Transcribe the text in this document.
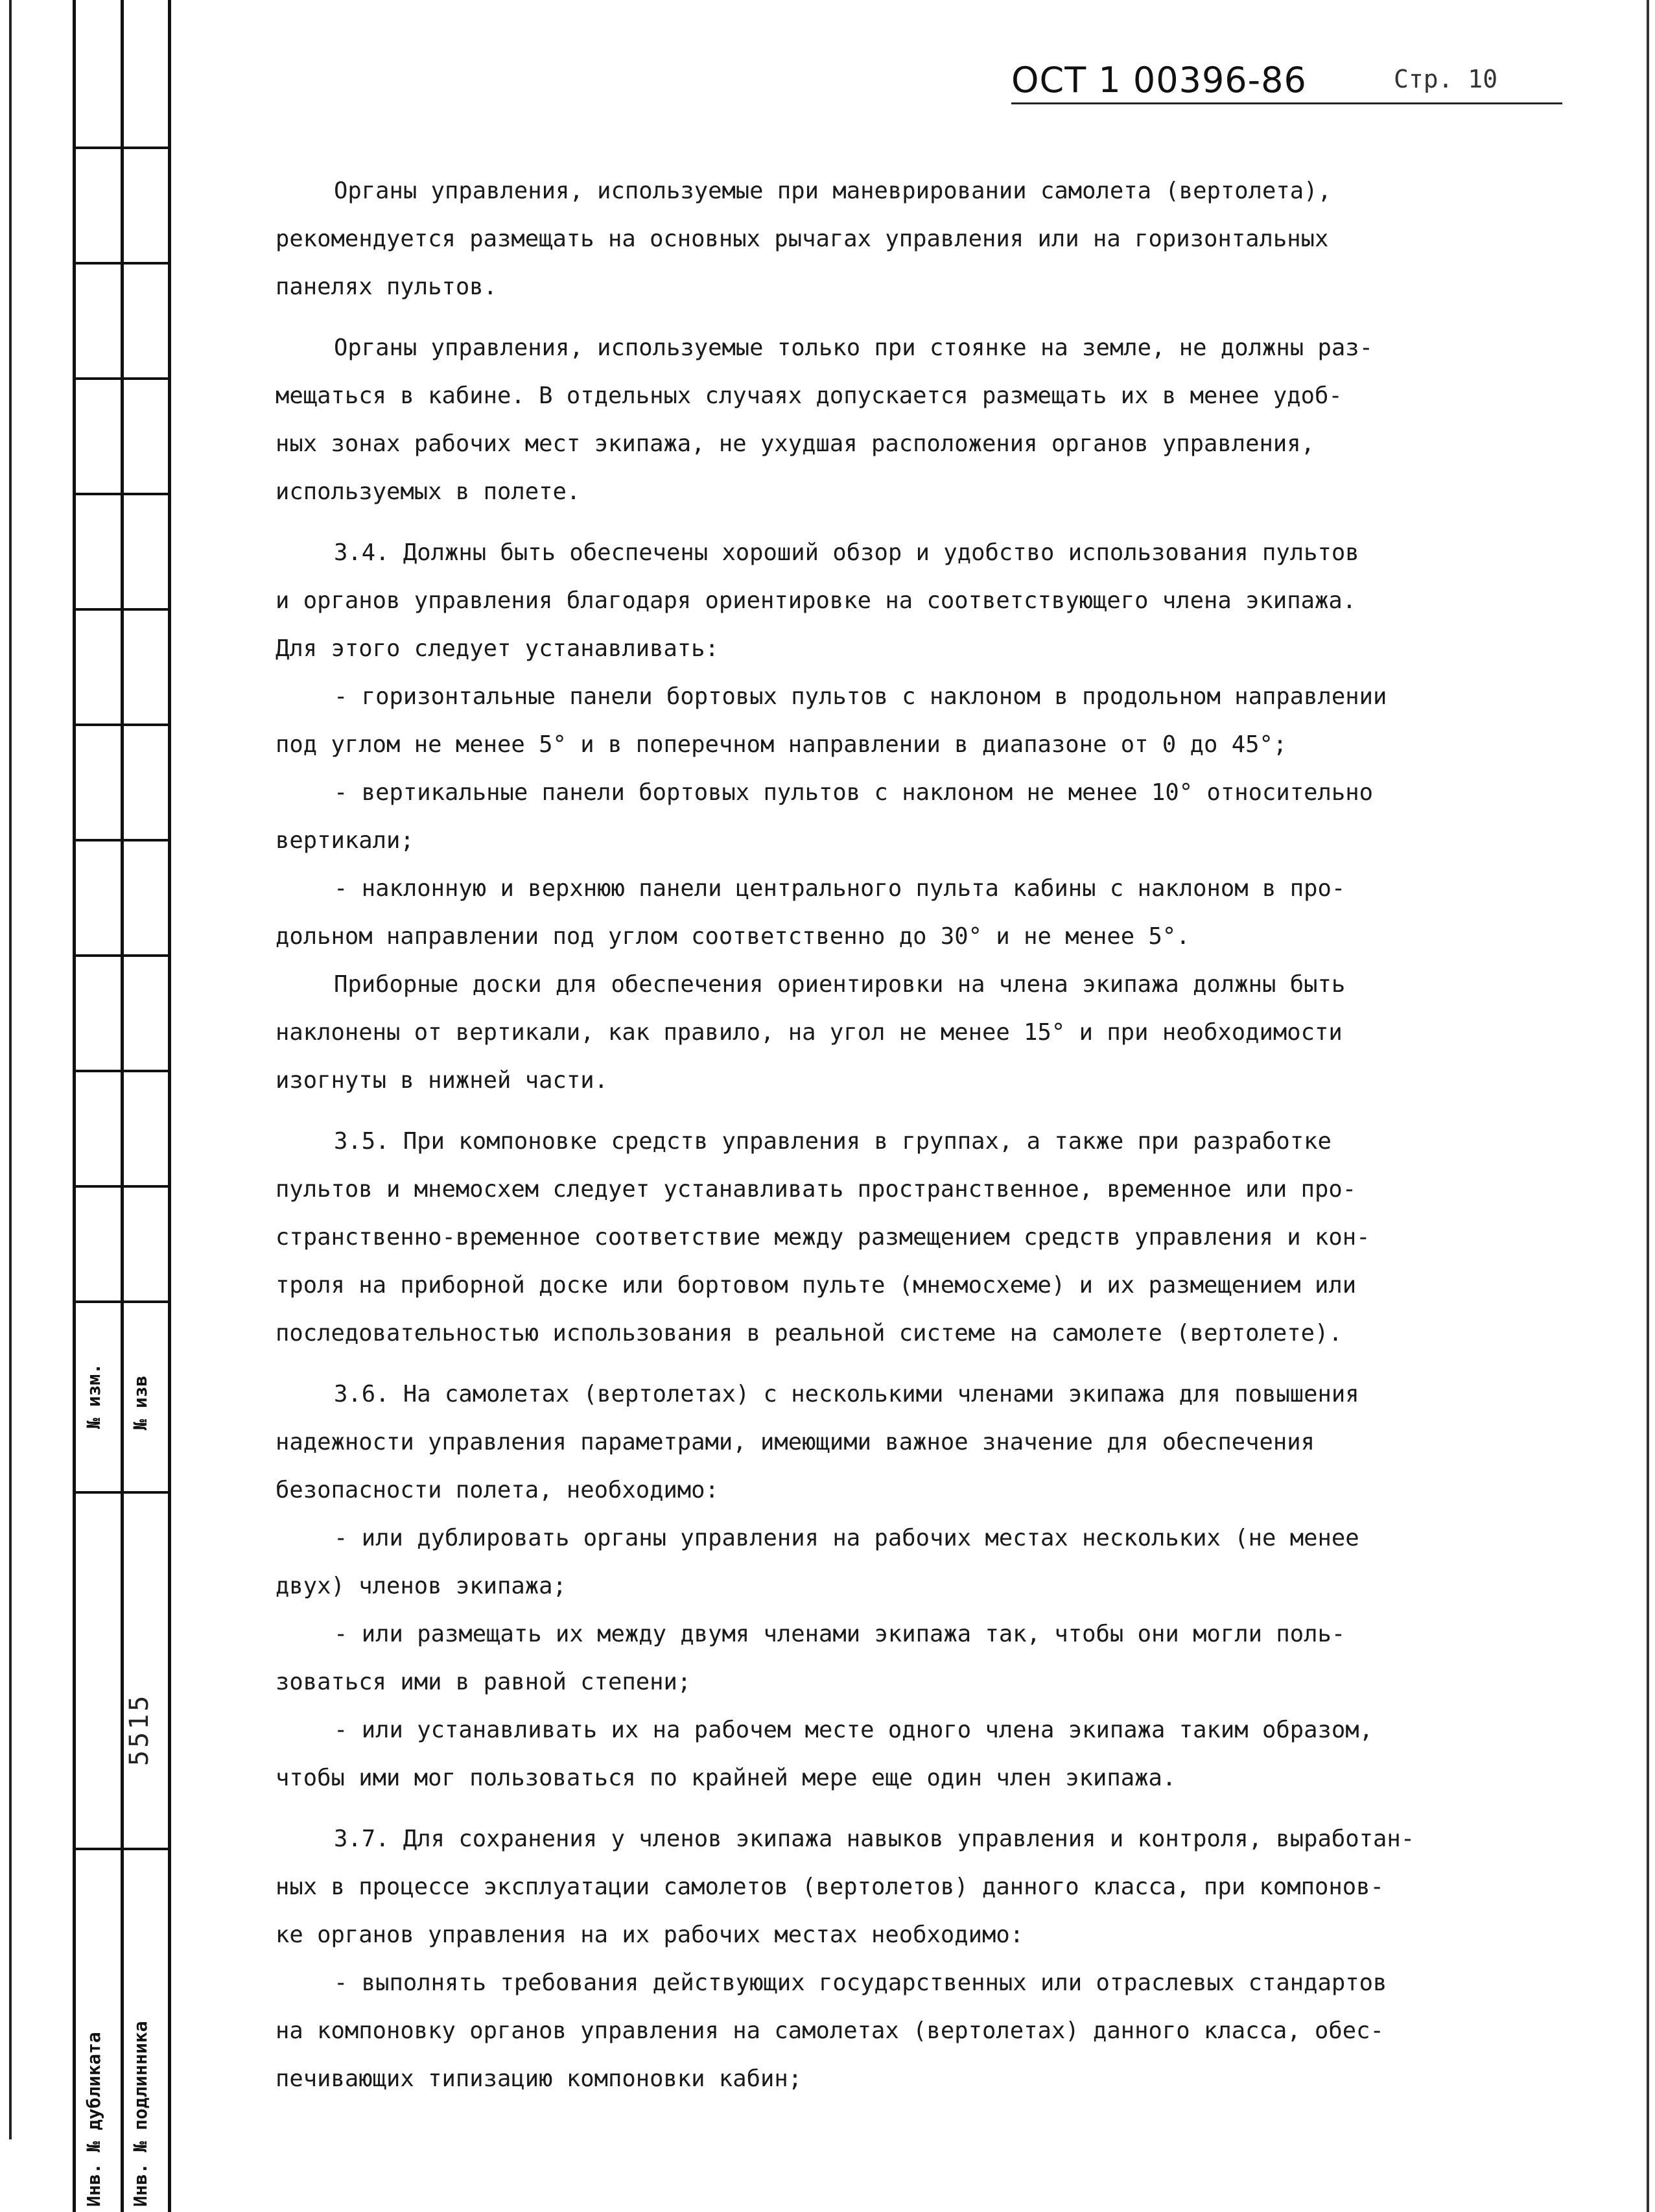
№ изм. № изв
5515
Инв. № дубликата Инв. № подлинника
ОСТ 1 00396-86	Стр. 10

Органы управления, используемые при маневрировании самолета (вертолета),

рекомендуется размещать на основных рычагах управления или на горизонтальных

панелях пультов.

Органы управления, используемые только при стоянке на земле, не должны раз-

мещаться в кабине. В отдельных случаях допускается размещать их в менее удоб-

ных зонах рабочих мест экипажа, не ухудшая расположения органов управления,

используемых в полете.

3.4. Должны быть обеспечены хороший обзор и удобство использования пультов

и органов управления благодаря ориентировке на соответствующего члена экипажа.

Для этого следует устанавливать:

- горизонтальные панели бортовых пультов с наклоном в продольном направлении

под углом не менее 5° и в поперечном направлении в диапазоне от 0 до 45°;

- вертикальные панели бортовых пультов с наклоном не менее 10° относительно

вертикали;

- наклонную и верхнюю панели центрального пульта кабины с наклоном в про-

дольном направлении под углом соответственно до 30° и не менее 5°.

Приборные доски для обеспечения ориентировки на члена экипажа должны быть

наклонены от вертикали, как правило, на угол не менее 15° и при необходимости

изогнуты в нижней части.

3.5. При компоновке средств управления в группах, а также при разработке

пультов и мнемосхем следует устанавливать пространственное, временное или про-

странственно-временное соответствие между размещением средств управления и кон-

троля на приборной доске или бортовом пульте (мнемосхеме) и их размещением или

последовательностью использования в реальной системе на самолете (вертолете).

3.6. На самолетах (вертолетах) с несколькими членами экипажа для повышения

надежности управления параметрами, имеющими важное значение для обеспечения

безопасности полета, необходимо:

- или дублировать органы управления на рабочих местах нескольких (не менее

двух) членов экипажа;

- или размещать их между двумя членами экипажа так, чтобы они могли поль-

зоваться ими в равной степени;

- или устанавливать их на рабочем месте одного члена экипажа таким образом,

чтобы ими мог пользоваться по крайней мере еще один член экипажа.

3.7. Для сохранения у членов экипажа навыков управления и контроля, выработан-

ных в процессе эксплуатации самолетов (вертолетов) данного класса, при компонов-

ке органов управления на их рабочих местах необходимо:

- выполнять требования действующих государственных или отраслевых стандартов

на компоновку органов управления на самолетах (вертолетах) данного класса, обес-

печивающих типизацию компоновки кабин;
